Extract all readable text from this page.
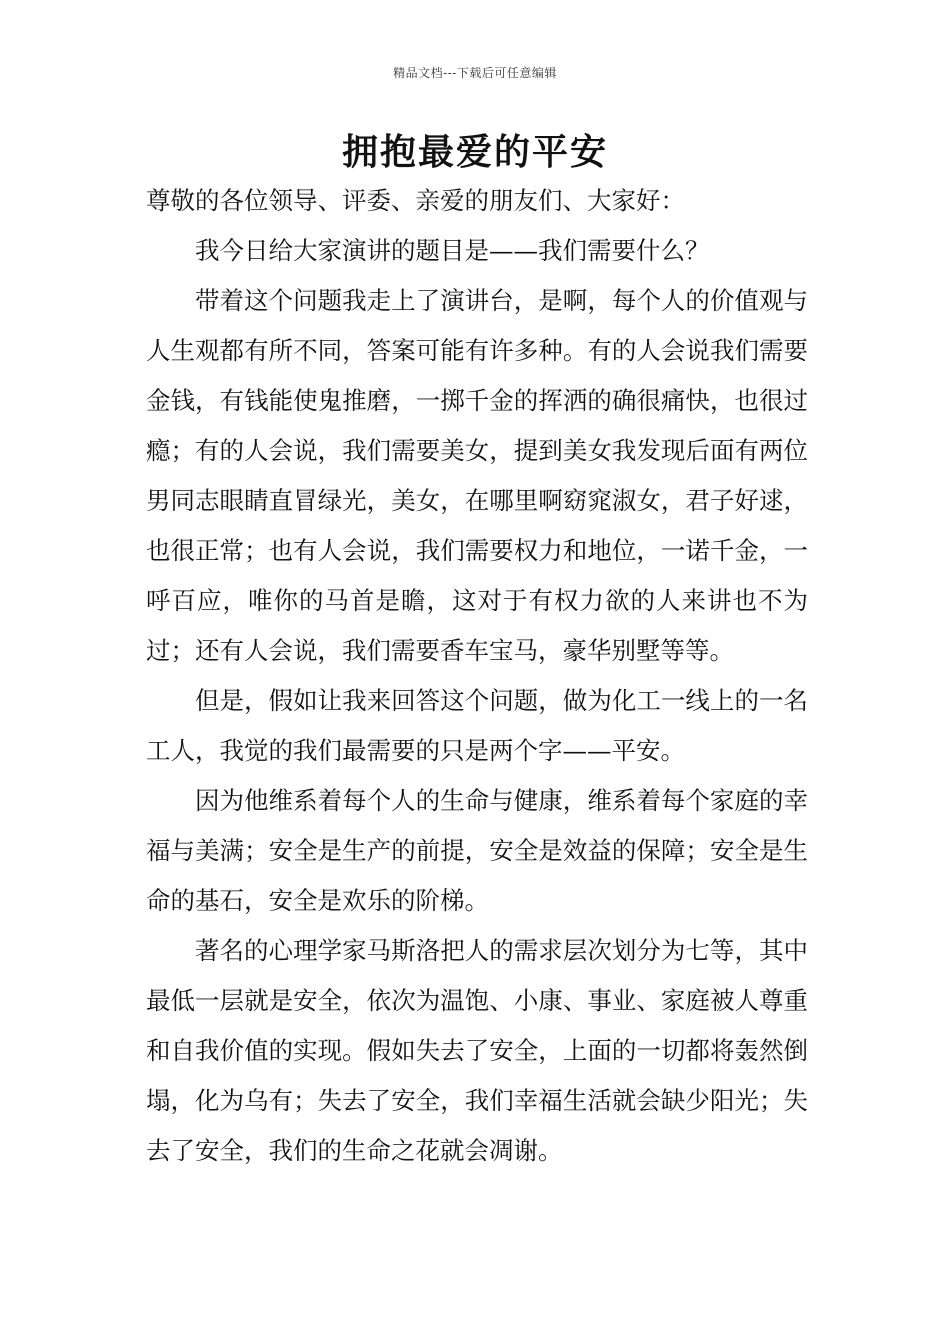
精品文档---下载后可任意编辑
拥抱最爱的平安

尊敬的各位领导、评委、亲爱的朋友们、大家好：

我今日给大家演讲的题目是——我们需要什么？

带着这个问题我走上了演讲台，是啊，每个人的价值观与人生观都有所不同，答案可能有许多种。有的人会说我们需要金钱，有钱能使鬼推磨，一掷千金的挥洒的确很痛快，也很过瘾；有的人会说，我们需要美女，提到美女我发现后面有两位男同志眼睛直冒绿光，美女，在哪里啊窈窕淑女，君子好逑，也很正常；也有人会说，我们需要权力和地位，一诺千金，一呼百应，唯你的马首是瞻，这对于有权力欲的人来讲也不为过；还有人会说，我们需要香车宝马，豪华别墅等等。

但是，假如让我来回答这个问题，做为化工一线上的一名工人，我觉的我们最需要的只是两个字——平安。

因为他维系着每个人的生命与健康，维系着每个家庭的幸福与美满；安全是生产的前提，安全是效益的保障；安全是生命的基石，安全是欢乐的阶梯。

著名的心理学家马斯洛把人的需求层次划分为七等，其中最低一层就是安全，依次为温饱、小康、事业、家庭被人尊重和自我价值的实现。假如失去了安全，上面的一切都将轰然倒塌，化为乌有；失去了安全，我们幸福生活就会缺少阳光；失去了安全，我们的生命之花就会凋谢。
